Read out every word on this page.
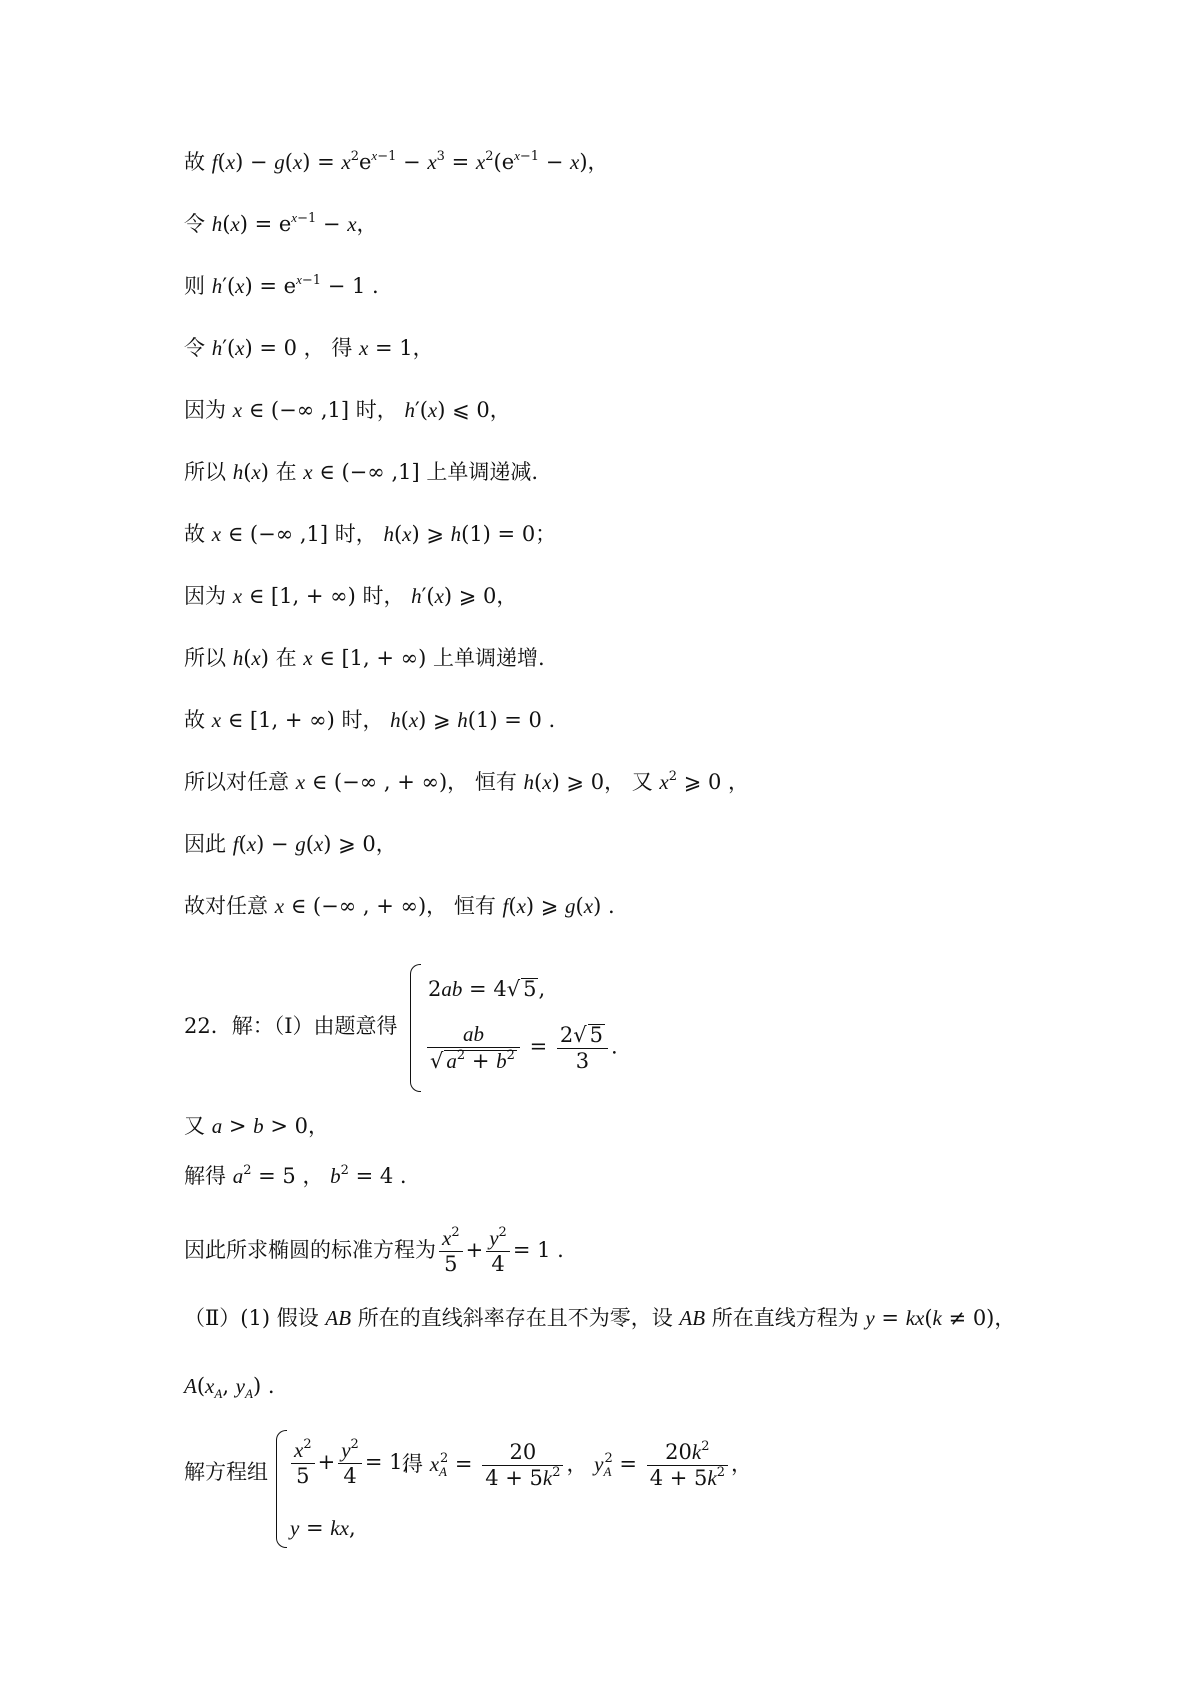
故 $f(x) - g(x) = x^2e^{x-1} - x^3 = x^2(e^{x-1} - x)$，
令 $h(x) = e^{x-1} - x$，
则 $h'(x) = e^{x-1} - 1$ .
令 h′(x) = 0 ， 得 x = 1，
因为 x ∈ (−∞ ,1] 时， h′(x) ⩽ 0，
所以 h(x) 在 x ∈ (−∞ ,1] 上单调递减.
故 x ∈ (−∞ ,1] 时， h(x) ⩾ h(1) = 0；
因为 x ∈ [1, + ∞) 时， h′(x) ⩾ 0，
所以 h(x) 在 x ∈ [1, + ∞) 上单调递增.
故 x ∈ [1, + ∞) 时， h(x) ⩾ h(1) = 0 .
所以对任意 x ∈ (−∞ , + ∞)， 恒有 h(x) ⩾ 0， 又 $x^2$ ⩾ 0 ，
因此 f(x) − g(x) ⩾ 0，
故对任意 x ∈ (−∞ , + ∞)， 恒有 f(x) ⩾ g(x) .
22．解：（Ⅰ）由题意得
2ab = 4√ 5,
$\frac{ab}{√ a^2 + b^2} = \frac{2√ 5}{3}$ .
又 a > b > 0，
解得 $a^2 = 5$ ， $b^2 = 4$ .
因此所求椭圆的标准方程为 $\frac{x^2}{5} + \frac{y^2}{4} = 1$ .
（Ⅱ）(1) 假设 AB 所在的直线斜率存在且不为零，设 AB 所在直线方程为 y = kx(k ≠ 0)，
$A(x_A$, $y_A$) .
解方程组 $\frac{x^2}{5} + \frac{y^2}{4} = 1$,
y = kx,
得 $x_A^2 = \frac{20}{4 + 5k^2}$ ， $y_A^2 = \frac{20k^2}{4 + 5k^2}$ ，
